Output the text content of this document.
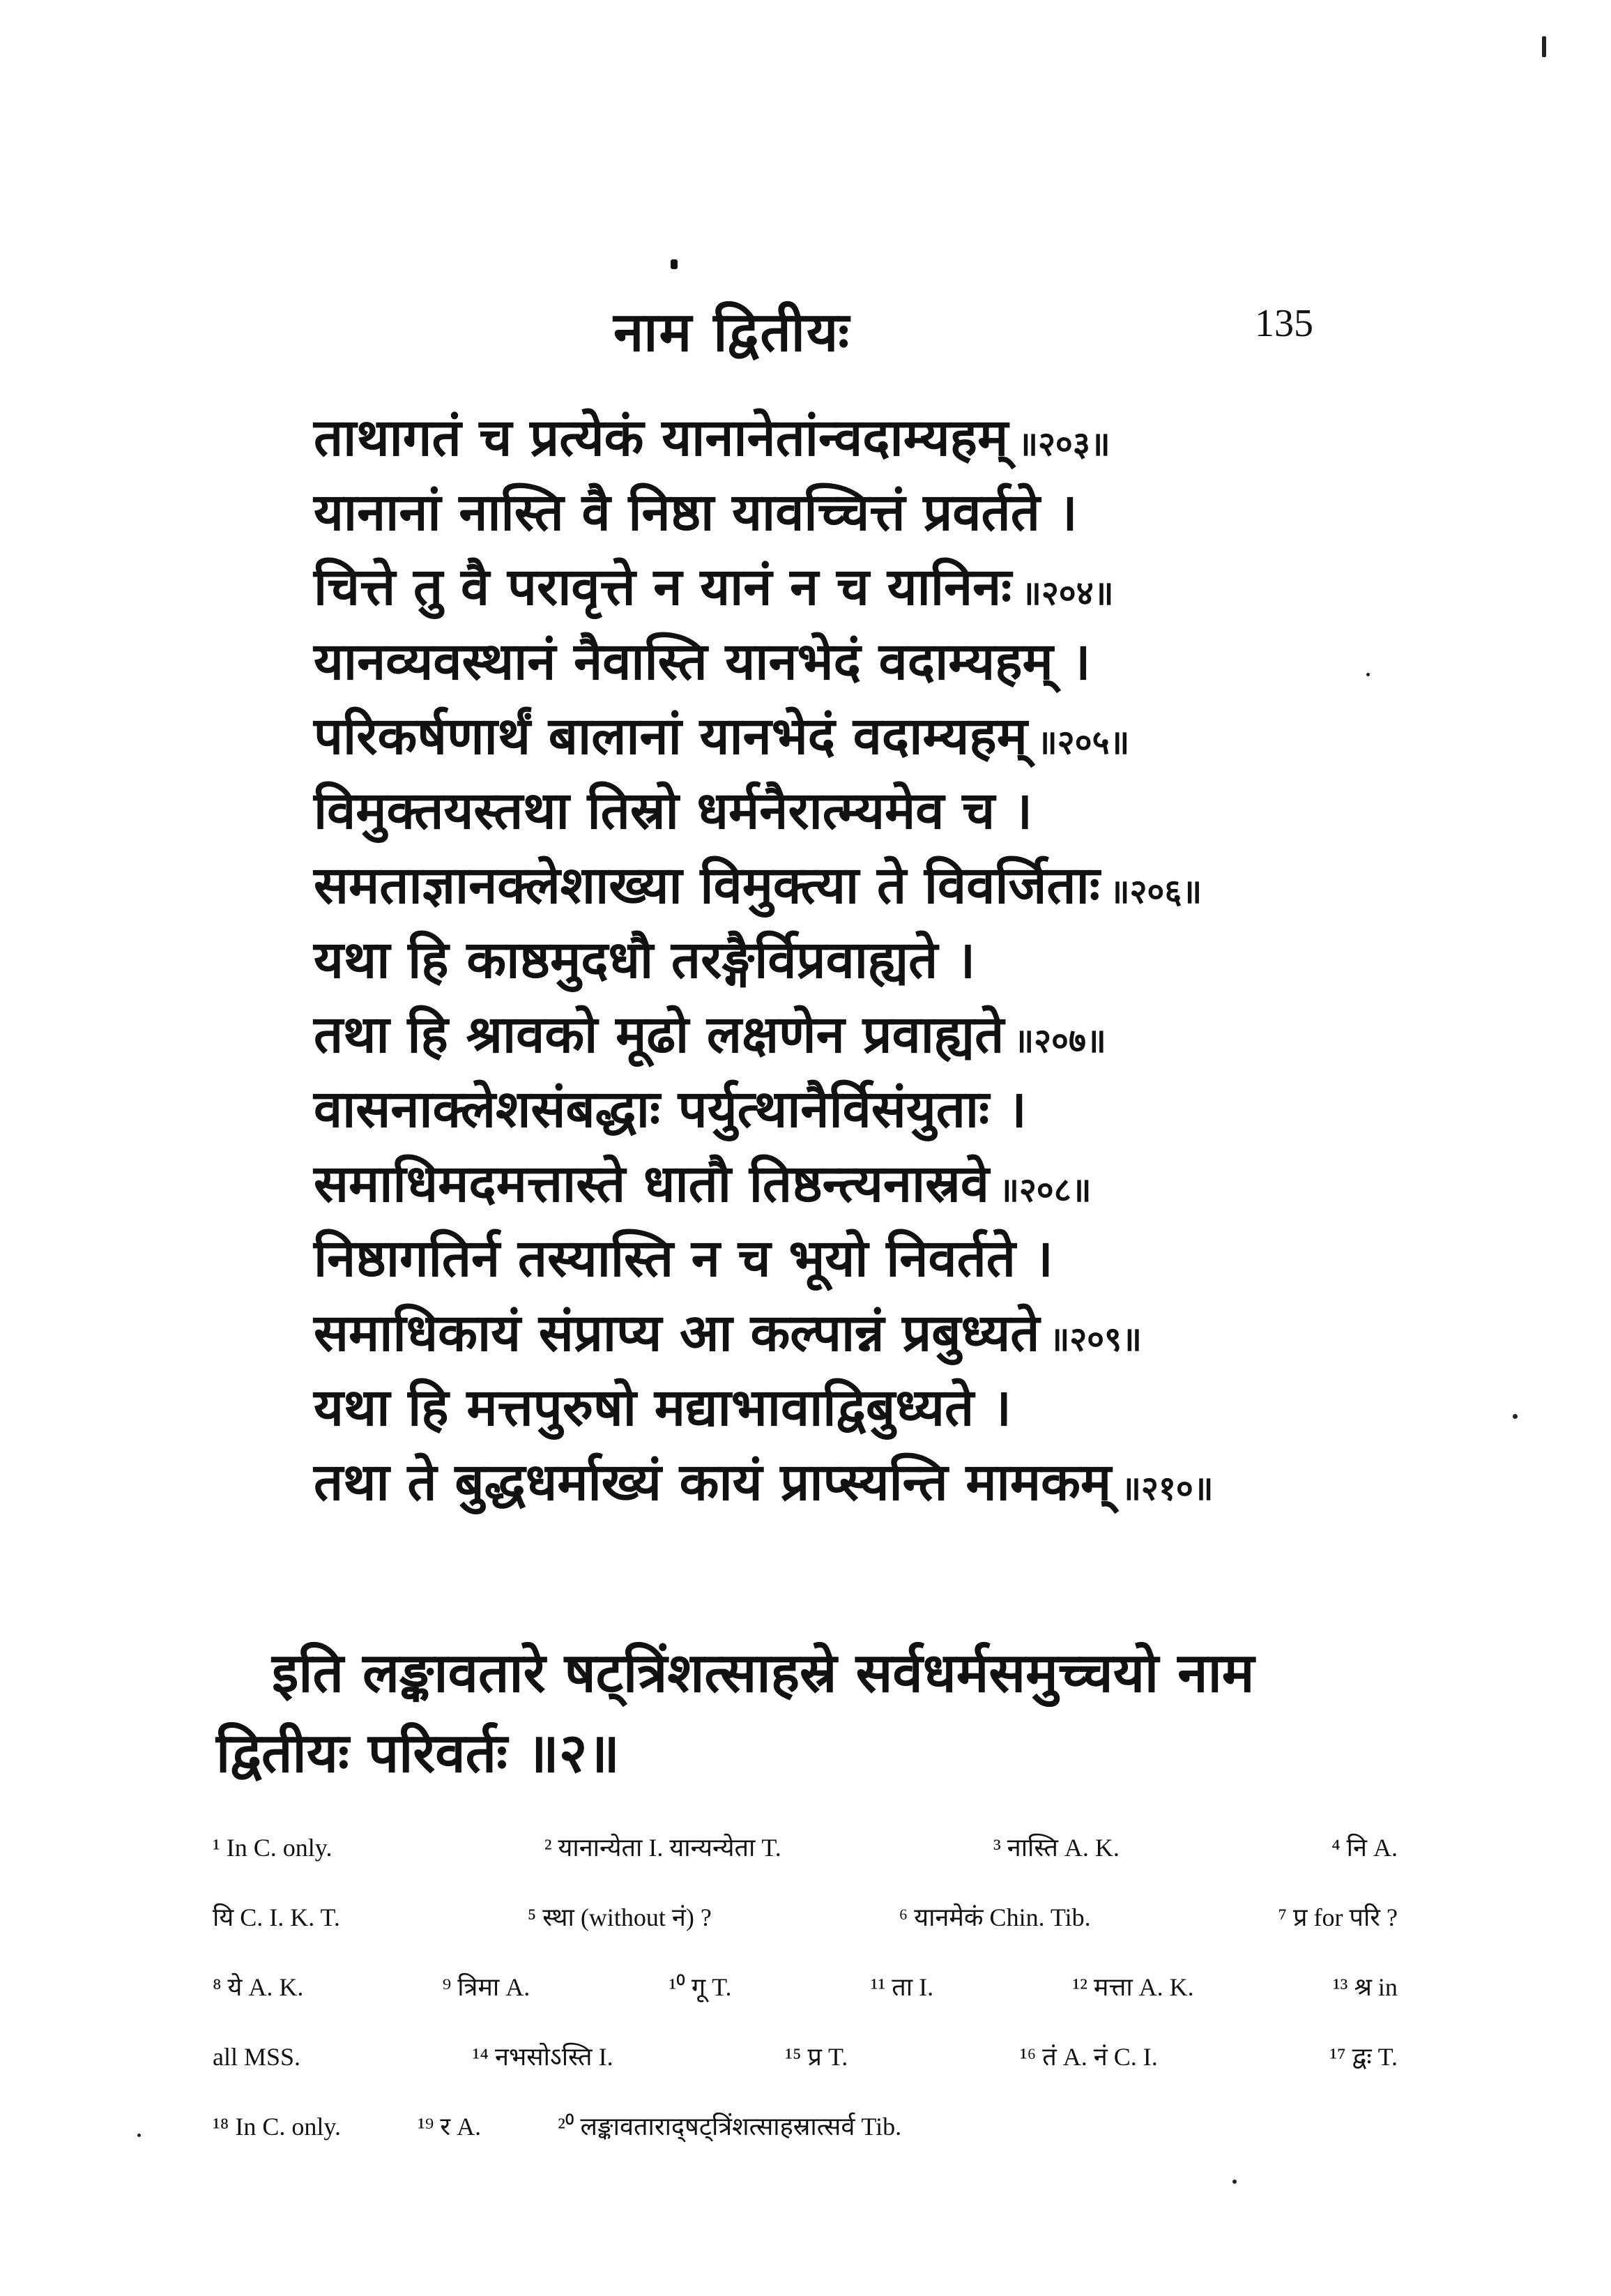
नाम द्वितीयः	135
ताथागतं च प्रत्येकं यानानेतांन्वदाम्यहम् ॥२०३॥
यानानां नास्ति वै निष्ठा यावच्चित्तं प्रवर्तते ।
चित्ते तु वै परावृत्ते न यानं न च यानिनः ॥२०४॥
यानव्यवस्थानं नैवास्ति यानभेदं वदाम्यहम् ।
परिकर्षणार्थं बालानां यानभेदं वदाम्यहम् ॥२०५॥
विमुक्तयस्तथा तिस्रो धर्मनैरात्म्यमेव च ।
समताज्ञानक्लेशाख्या विमुक्त्या ते विवर्जिताः ॥२०६॥
यथा हि काष्ठमुदधौ तरङ्गैर्विप्रवाह्यते ।
तथा हि श्रावको मूढो लक्षणेन प्रवाह्यते ॥२०७॥
वासनाक्लेशसंबद्धाः पर्युत्थानैर्विसंयुताः ।
समाधिमदमत्तास्ते धातौ तिष्ठन्त्यनास्रवे ॥२०८॥
निष्ठागतिर्न तस्यास्ति न च भूयो निवर्तते ।
समाधिकायं संप्राप्य आ कल्पान्नं प्रबुध्यते ॥२०९॥
यथा हि मत्तपुरुषो मद्याभावाद्विबुध्यते ।
तथा ते बुद्धधर्माख्यं कायं प्राप्स्यन्ति मामकम् ॥२१०॥
इति लङ्कावतारे षट्त्रिंशत्साहस्रे सर्वधर्मसमुच्चयो नाम
द्वितीयः परिवर्तः ॥२॥
¹ In C. only.	² यानान्येता I. यान्यन्येता T.	³ नास्ति A. K.	⁴ नि A.
यि C. I. K. T.	⁵ स्था (without नं) ?	⁶ यानमेकं Chin. Tib.	⁷ प्र for परि ?
⁸ ये A. K.	⁹ त्रिमा A.	¹⁰ गू T.	¹¹ ता I.	¹² मत्ता A. K.	¹³ श्र in
all MSS.	¹⁴ नभसोऽस्ति I.	¹⁵ प्र T.	¹⁶ तं A. नं C. I.	¹⁷ द्वः T.
¹⁸ In C. only.	¹⁹ र A.	²⁰ लङ्कावताराद्षट्त्रिंशत्साहस्रात्सर्व Tib.
